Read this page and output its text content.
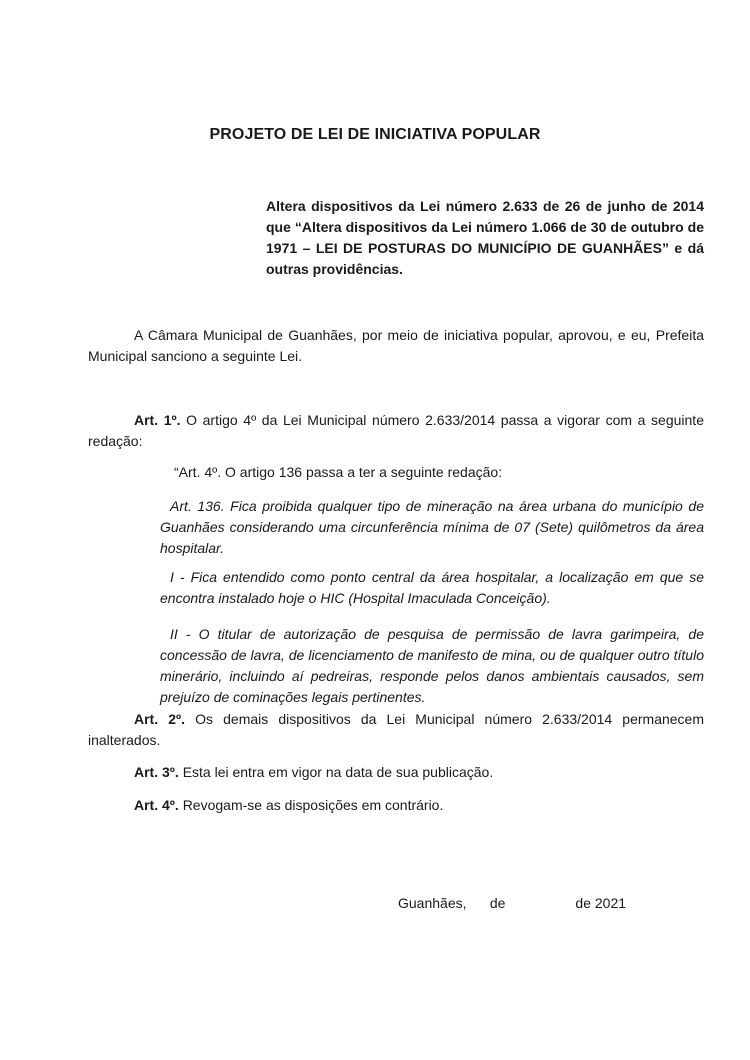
PROJETO DE LEI DE INICIATIVA POPULAR

Altera dispositivos da Lei número 2.633 de 26 de junho de 2014 que “Altera dispositivos da Lei número 1.066 de 30 de outubro de 1971 – LEI DE POSTURAS DO MUNICÍPIO DE GUANHÃES” e dá outras providências.

A Câmara Municipal de Guanhães, por meio de iniciativa popular, aprovou, e eu, Prefeita Municipal sanciono a seguinte Lei.

Art. 1º. O artigo 4º da Lei Municipal número 2.633/2014 passa a vigorar com a seguinte redação:

“Art. 4º. O artigo 136 passa a ter a seguinte redação:

Art. 136. Fica proibida qualquer tipo de mineração na área urbana do município de Guanhães considerando uma circunferência mínima de 07 (Sete) quilômetros da área hospitalar.

I - Fica entendido como ponto central da área hospitalar, a localização em que se encontra instalado hoje o HIC (Hospital Imaculada Conceição).

II - O titular de autorização de pesquisa de permissão de lavra garimpeira, de concessão de lavra, de licenciamento de manifesto de mina, ou de qualquer outro título minerário, incluindo aí pedreiras, responde pelos danos ambientais causados, sem prejuízo de cominações legais pertinentes.

Art. 2º. Os demais dispositivos da Lei Municipal número 2.633/2014 permanecem inalterados.

Art. 3º. Esta lei entra em vigor na data de sua publicação.

Art. 4º. Revogam-se as disposições em contrário.

Guanhães,      de                  de 2021
